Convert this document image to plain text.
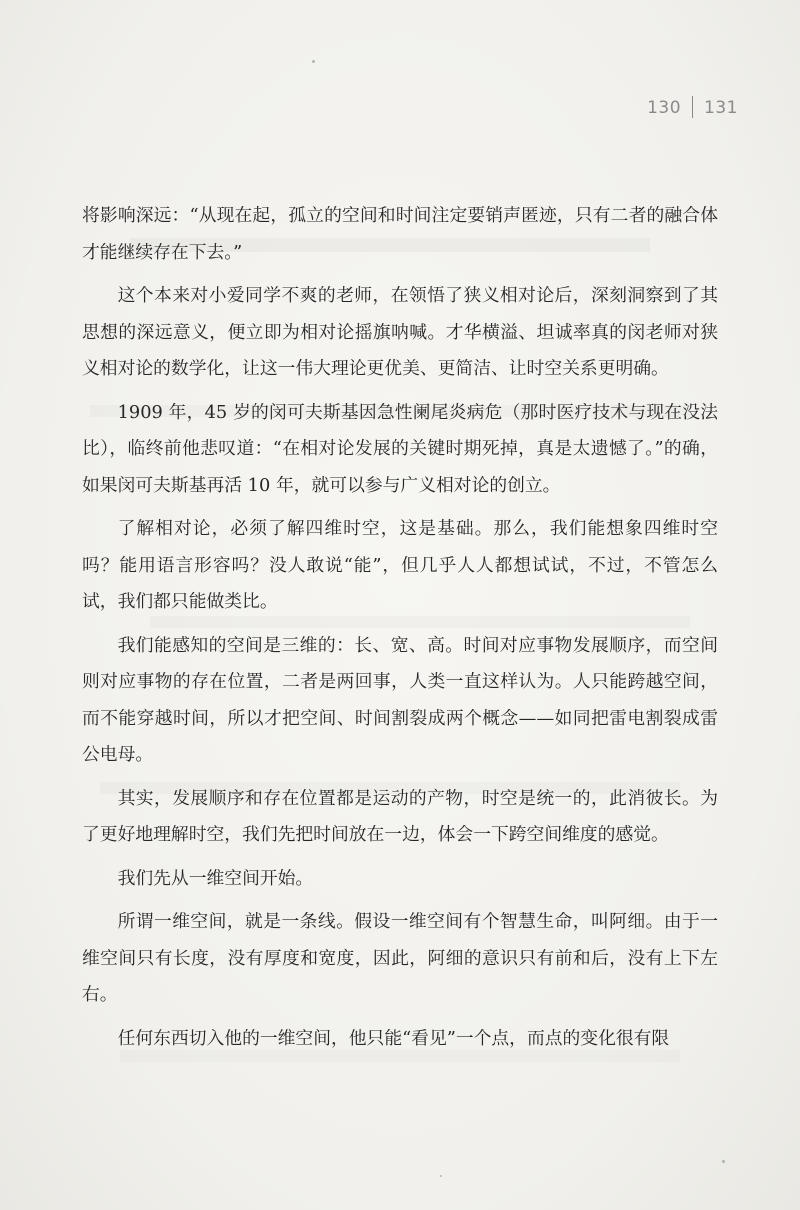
130 131

将影响深远：“从现在起，孤立的空间和时间注定要销声匿迹，只有二者的融合体才能继续存在下去。”

这个本来对小爱同学不爽的老师，在领悟了狭义相对论后，深刻洞察到了其思想的深远意义，便立即为相对论摇旗呐喊。才华横溢、坦诚率真的闵老师对狭义相对论的数学化，让这一伟大理论更优美、更简洁、让时空关系更明确。

1909 年，45 岁的闵可夫斯基因急性阑尾炎病危（那时医疗技术与现在没法比），临终前他悲叹道：“在相对论发展的关键时期死掉，真是太遗憾了。”的确，如果闵可夫斯基再活 10 年，就可以参与广义相对论的创立。

了解相对论，必须了解四维时空，这是基础。那么，我们能想象四维时空吗？能用语言形容吗？没人敢说“能”，但几乎人人都想试试，不过，不管怎么试，我们都只能做类比。

我们能感知的空间是三维的：长、宽、高。时间对应事物发展顺序，而空间则对应事物的存在位置，二者是两回事，人类一直这样认为。人只能跨越空间，而不能穿越时间，所以才把空间、时间割裂成两个概念——如同把雷电割裂成雷公电母。

其实，发展顺序和存在位置都是运动的产物，时空是统一的，此消彼长。为了更好地理解时空，我们先把时间放在一边，体会一下跨空间维度的感觉。

我们先从一维空间开始。

所谓一维空间，就是一条线。假设一维空间有个智慧生命，叫阿细。由于一维空间只有长度，没有厚度和宽度，因此，阿细的意识只有前和后，没有上下左右。

任何东西切入他的一维空间，他只能“看见”一个点，而点的变化很有限
